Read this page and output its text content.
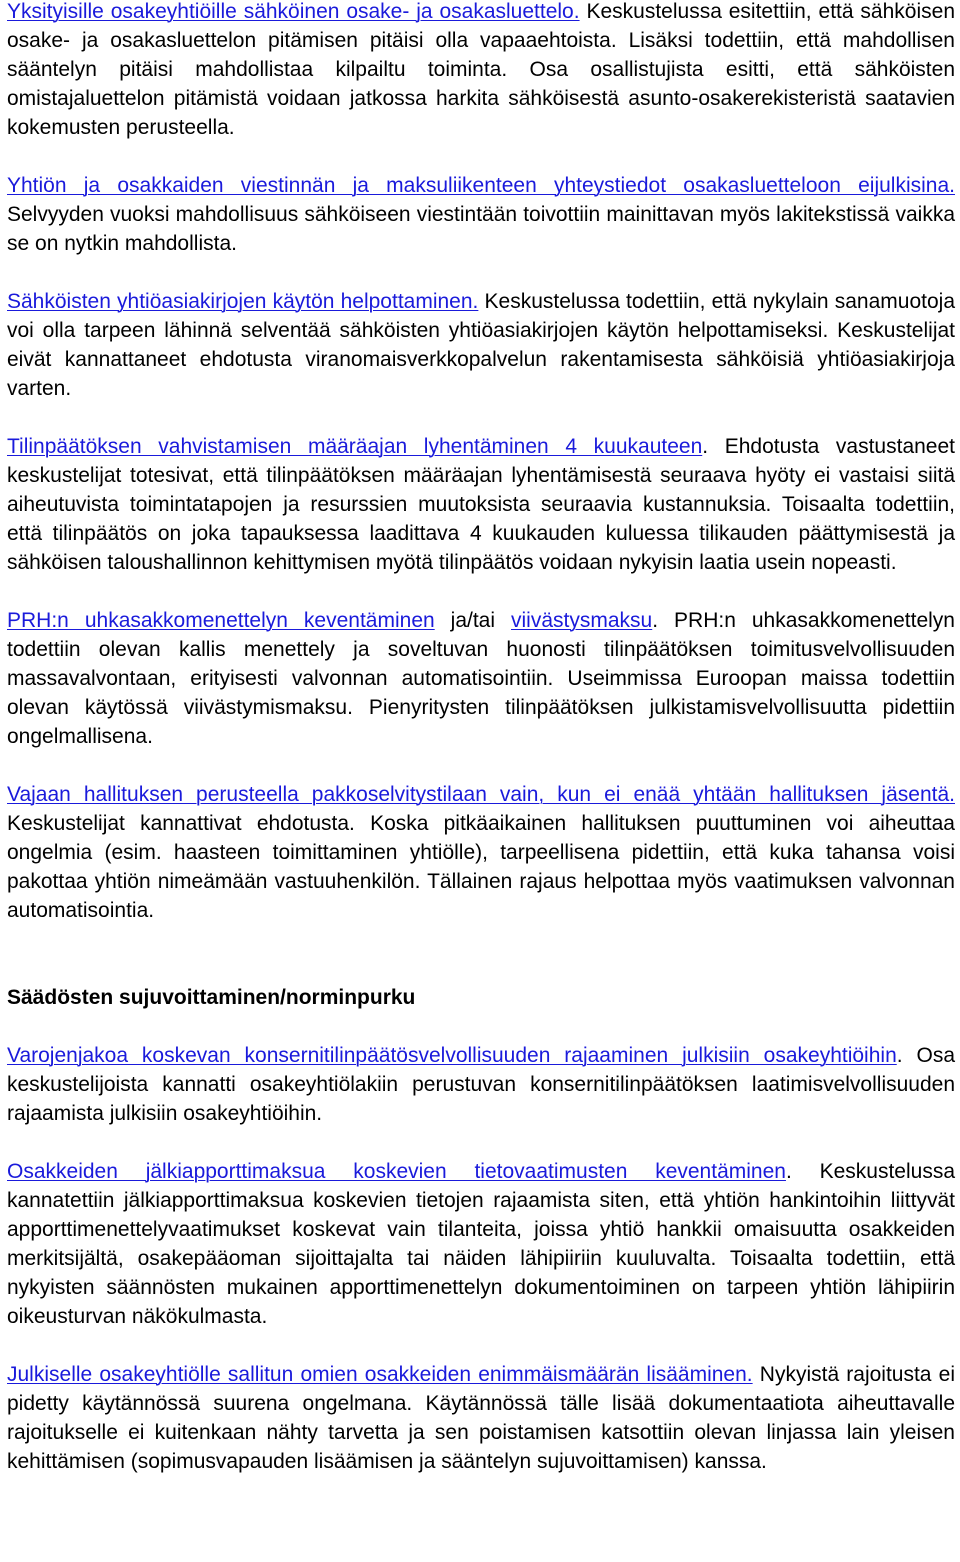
Yksityisille osakeyhtiöille sähköinen osake- ja osakasluettelo. Keskustelussa esitettiin, että sähköisen osake- ja osakasluettelon pitämisen pitäisi olla vapaaehtoista. Lisäksi todettiin, että mahdollisen sääntelyn pitäisi mahdollistaa kilpailtu toiminta. Osa osallistujista esitti, että sähköisten omistajaluettelon pitämistä voidaan jatkossa harkita sähköisestä asunto-osakerekisteristä saatavien kokemusten perusteella.

Yhtiön ja osakkaiden viestinnän ja maksuliikenteen yhteystiedot osakasluetteloon eijulkisina. Selvyyden vuoksi mahdollisuus sähköiseen viestintään toivottiin mainittavan myös lakitekstissä vaikka se on nytkin mahdollista.

Sähköisten yhtiöasiakirjojen käytön helpottaminen. Keskustelussa todettiin, että nykylain sanamuotoja voi olla tarpeen lähinnä selventää sähköisten yhtiöasiakirjojen käytön helpottamiseksi. Keskustelijat eivät kannattaneet ehdotusta viranomaisverkkopalvelun rakentamisesta sähköisiä yhtiöasiakirjoja varten.

Tilinpäätöksen vahvistamisen määräajan lyhentäminen 4 kuukauteen. Ehdotusta vastustaneet keskustelijat totesivat, että tilinpäätöksen määräajan lyhentämisestä seuraava hyöty ei vastaisi siitä aiheutuvista toimintatapojen ja resurssien muutoksista seuraavia kustannuksia. Toisaalta todettiin, että tilinpäätös on joka tapauksessa laadittava 4 kuukauden kuluessa tilikauden päättymisestä ja sähköisen taloushallinnon kehittymisen myötä tilinpäätös voidaan nykyisin laatia usein nopeasti.

PRH:n uhkasakkomenettelyn keventäminen ja/tai viivästysmaksu. PRH:n uhkasakkomenettelyn todettiin olevan kallis menettely ja soveltuvan huonosti tilinpäätöksen toimitusvelvollisuuden massavalvontaan, erityisesti valvonnan automatisointiin. Useimmissa Euroopan maissa todettiin olevan käytössä viivästymismaksu. Pienyritysten tilinpäätöksen julkistamisvelvollisuutta pidettiin ongelmallisena.

Vajaan hallituksen perusteella pakkoselvitystilaan vain, kun ei enää yhtään hallituksen jäsentä. Keskustelijat kannattivat ehdotusta. Koska pitkäaikainen hallituksen puuttuminen voi aiheuttaa ongelmia (esim. haasteen toimittaminen yhtiölle), tarpeellisena pidettiin, että kuka tahansa voisi pakottaa yhtiön nimeämään vastuuhenkilön. Tällainen rajaus helpottaa myös vaatimuksen valvonnan automatisointia.

Säädösten sujuvoittaminen/norminpurku

Varojenjakoa koskevan konsernitilinpäätösvelvollisuuden rajaaminen julkisiin osakeyhtiöihin. Osa keskustelijoista kannatti osakeyhtiölakiin perustuvan konsernitilinpäätöksen laatimisvelvollisuuden rajaamista julkisiin osakeyhtiöihin.

Osakkeiden jälkiapporttimaksua koskevien tietovaatimusten keventäminen. Keskustelussa kannatettiin jälkiapporttimaksua koskevien tietojen rajaamista siten, että yhtiön hankintoihin liittyvät apporttimenettelyvaatimukset koskevat vain tilanteita, joissa yhtiö hankkii omaisuutta osakkeiden merkitsijältä, osakepääoman sijoittajalta tai näiden lähipiiriin kuuluvalta. Toisaalta todettiin, että nykyisten säännösten mukainen apporttimenettelyn dokumentoiminen on tarpeen yhtiön lähipiirin oikeusturvan näkökulmasta.

Julkiselle osakeyhtiölle sallitun omien osakkeiden enimmäismäärän lisääminen. Nykyistä rajoitusta ei pidetty käytännössä suurena ongelmana. Käytännössä tälle lisää dokumentaatiota aiheuttavalle rajoitukselle ei kuitenkaan nähty tarvetta ja sen poistamisen katsottiin olevan linjassa lain yleisen kehittämisen (sopimusvapauden lisäämisen ja sääntelyn sujuvoittamisen) kanssa.
